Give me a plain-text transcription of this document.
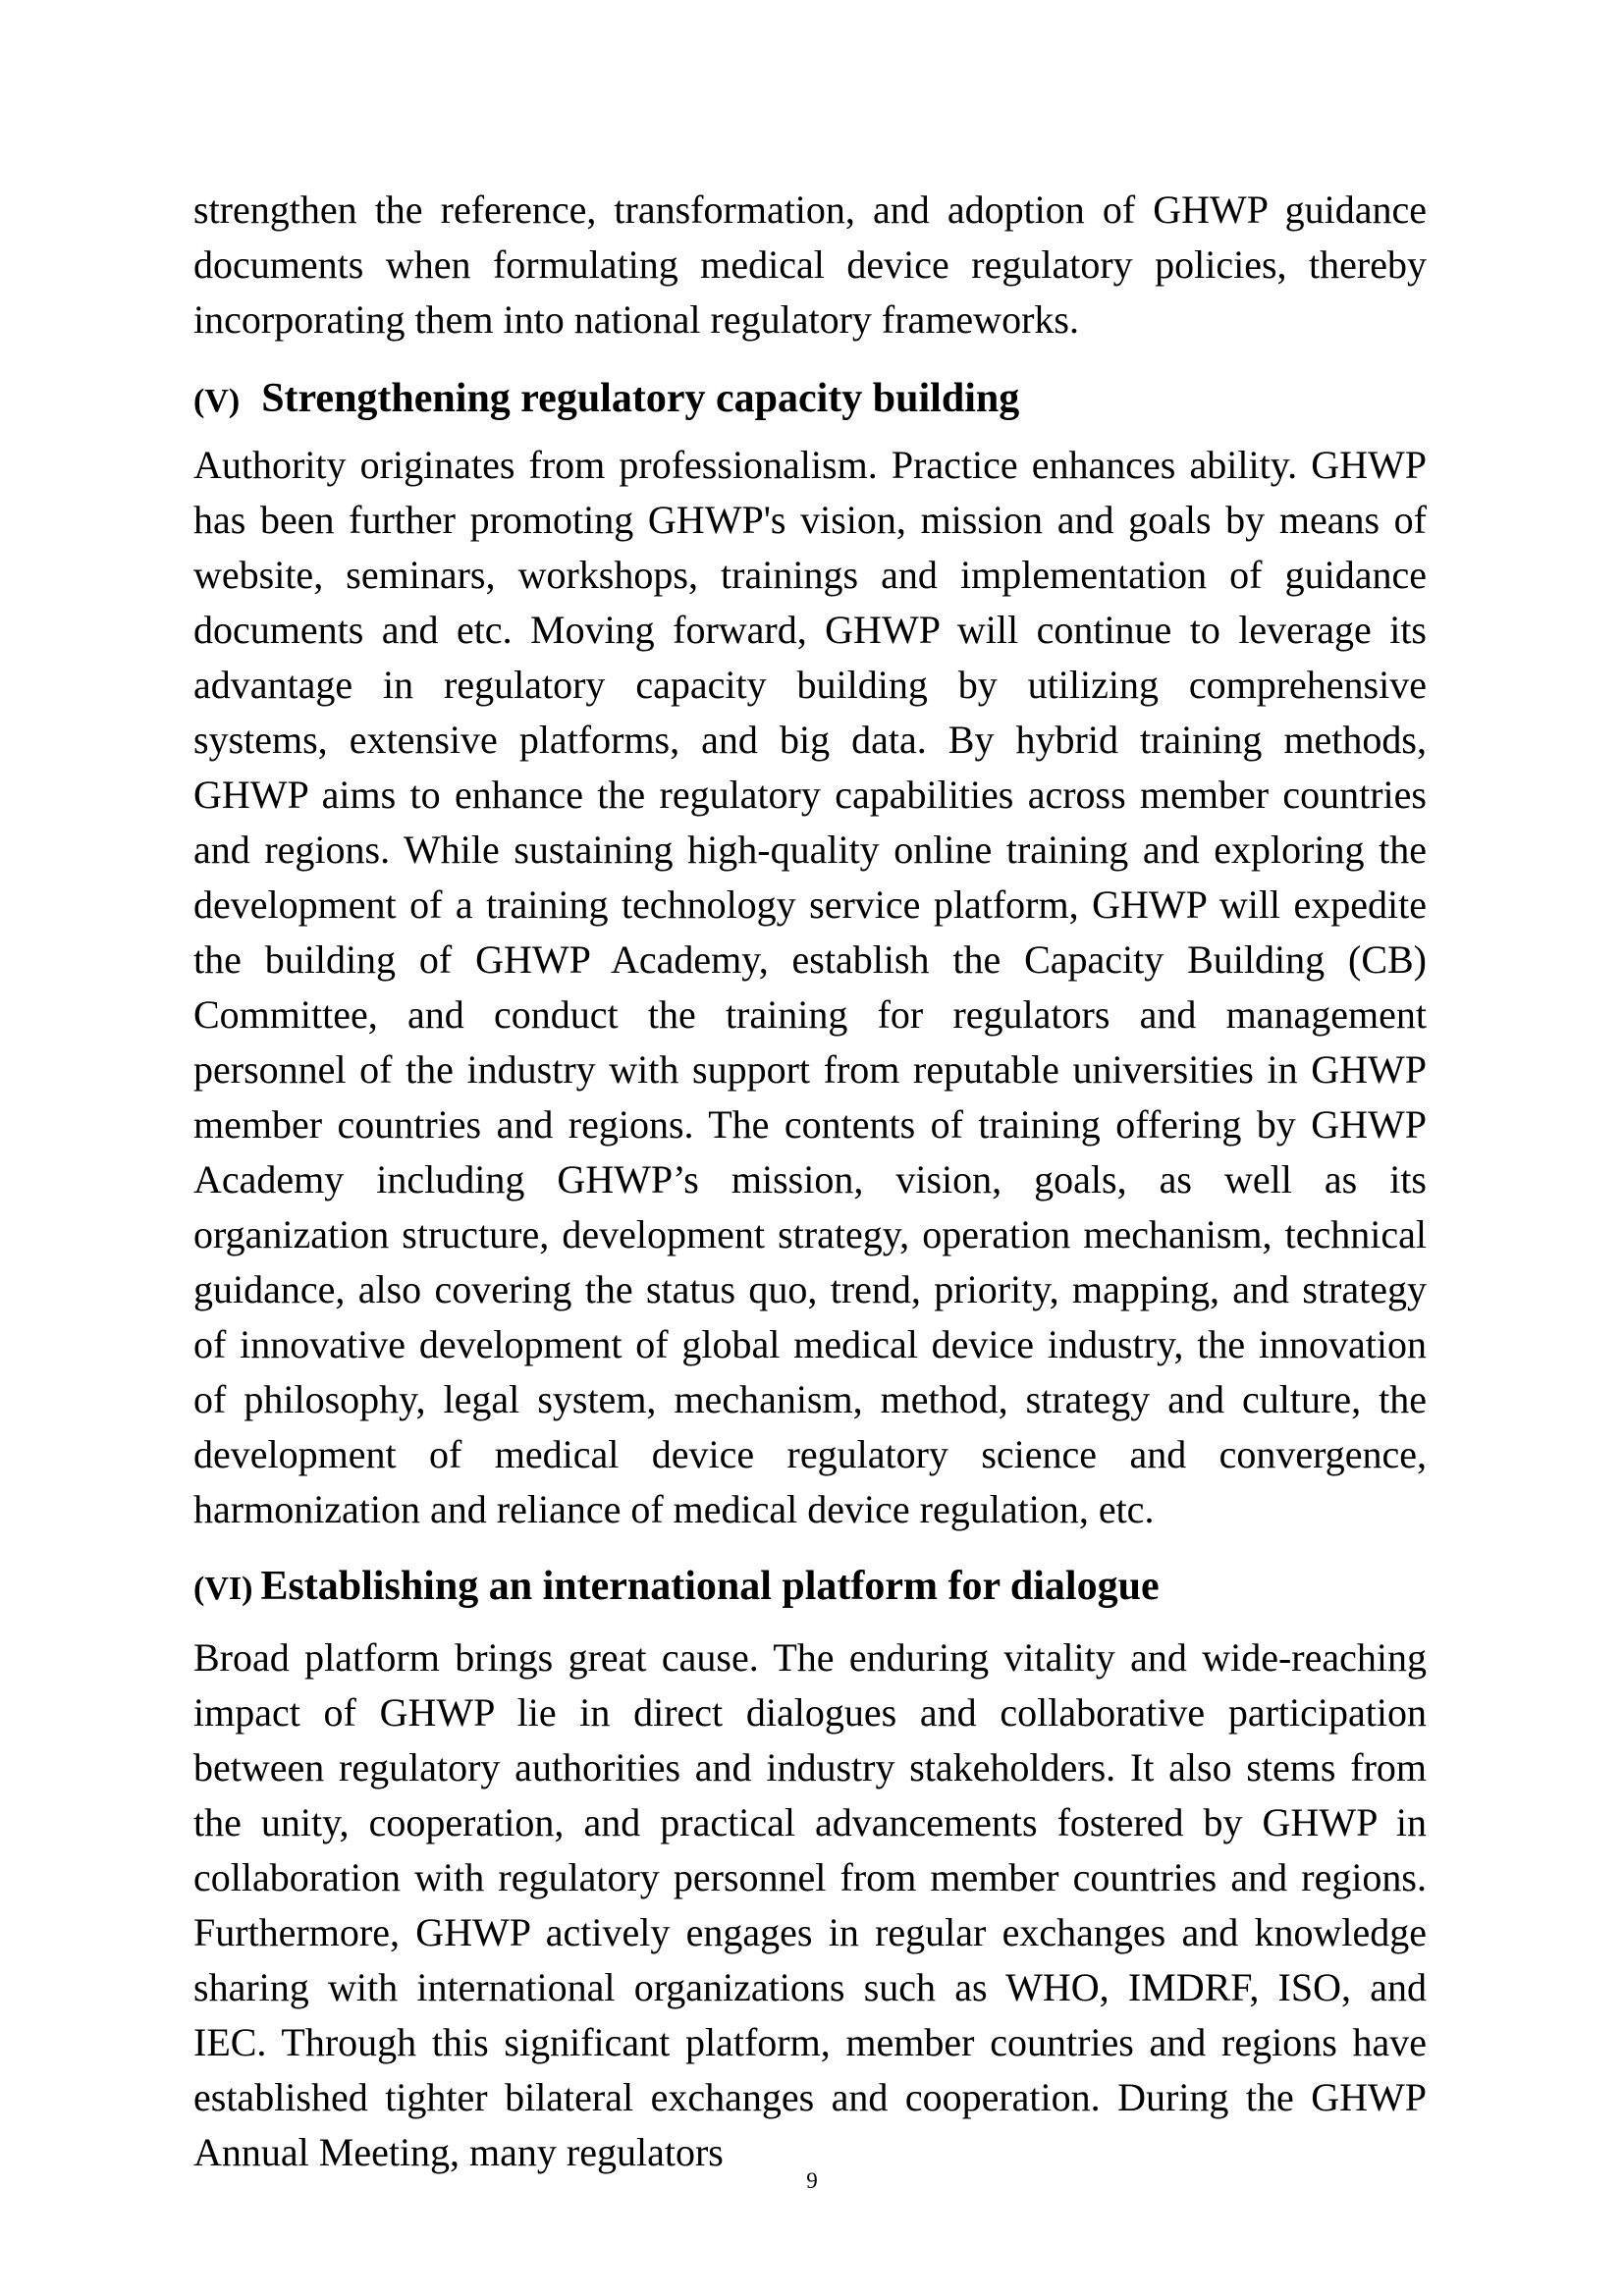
strengthen the reference, transformation, and adoption of GHWP guidance documents when formulating medical device regulatory policies, thereby incorporating them into national regulatory frameworks.

(V) Strengthening regulatory capacity building

Authority originates from professionalism. Practice enhances ability. GHWP has been further promoting GHWP's vision, mission and goals by means of website, seminars, workshops, trainings and implementation of guidance documents and etc. Moving forward, GHWP will continue to leverage its advantage in regulatory capacity building by utilizing comprehensive systems, extensive platforms, and big data. By hybrid training methods, GHWP aims to enhance the regulatory capabilities across member countries and regions. While sustaining high-quality online training and exploring the development of a training technology service platform, GHWP will expedite the building of GHWP Academy, establish the Capacity Building (CB) Committee, and conduct the training for regulators and management personnel of the industry with support from reputable universities in GHWP member countries and regions. The contents of training offering by GHWP Academy including GHWP’s mission, vision, goals, as well as its organization structure, development strategy, operation mechanism, technical guidance, also covering the status quo, trend, priority, mapping, and strategy of innovative development of global medical device industry, the innovation of philosophy, legal system, mechanism, method, strategy and culture, the development of medical device regulatory science and convergence, harmonization and reliance of medical device regulation, etc.

(VI) Establishing an international platform for dialogue

Broad platform brings great cause. The enduring vitality and wide-reaching impact of GHWP lie in direct dialogues and collaborative participation between regulatory authorities and industry stakeholders. It also stems from the unity, cooperation, and practical advancements fostered by GHWP in collaboration with regulatory personnel from member countries and regions. Furthermore, GHWP actively engages in regular exchanges and knowledge sharing with international organizations such as WHO, IMDRF, ISO, and IEC. Through this significant platform, member countries and regions have established tighter bilateral exchanges and cooperation. During the GHWP Annual Meeting, many regulators

9
